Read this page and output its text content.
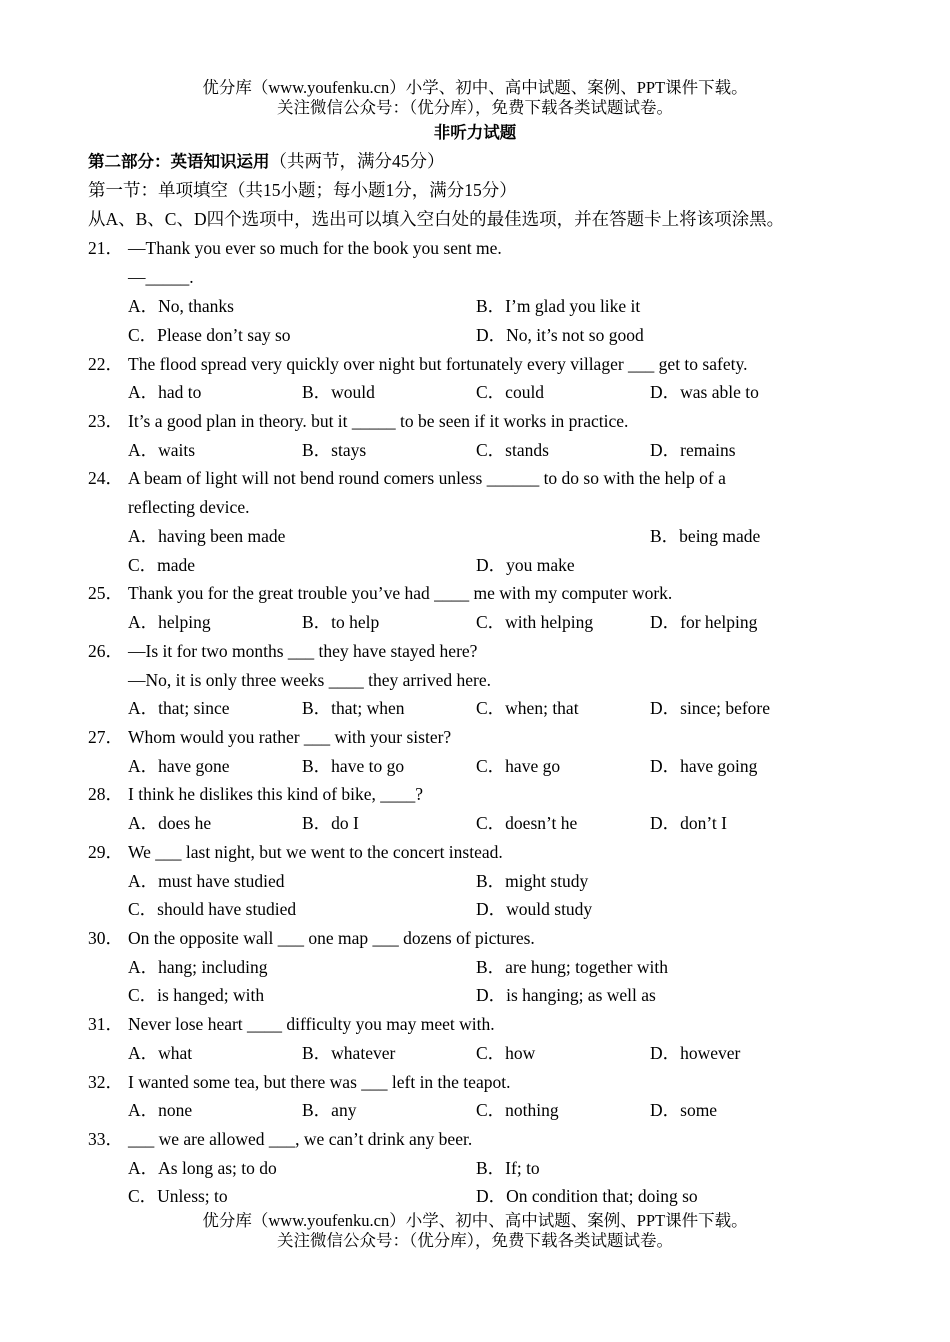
优分库（www.youfenku.cn）小学、初中、高中试题、案例、PPT课件下载。
关注微信公众号：（优分库），免费下载各类试题试卷。
非听力试题
第二部分：英语知识运用（共两节，满分45分）
第一节：单项填空（共15小题；每小题1分，满分15分）
从A、B、C、D四个选项中，选出可以填入空白处的最佳选项，并在答题卡上将该项涂黑。
21． —Thank you ever so much for the book you sent me.
—_____.
A．No, thanks	B．I’m glad you like it
C．Please don’t say so	D．No, it’s not so good
22． The flood spread very quickly over night but fortunately every villager ___ get to safety.
A．had to	B．would	C．could	D．was able to
23． It’s a good plan in theory. but it _____ to be seen if it works in practice.
A．waits	B．stays	C．stands	D．remains
24． A beam of light will not bend round comers unless ______ to do so with the help of a
reflecting device.
A．having been made	B．being made
C．made	D．you make
25． Thank you for the great trouble you’ve had ____ me with my computer work.
A．helping	B．to help	C．with helping	D．for helping
26． —Is it for two months ___ they have stayed here?
—No, it is only three weeks ____ they arrived here.
A．that; since	B．that; when	C．when; that	D．since; before
27． Whom would you rather ___ with your sister?
A．have gone	B．have to go	C．have go	D．have going
28． I think he dislikes this kind of bike, ____?
A．does he	B．do I	C．doesn’t he	D．don’t I
29． We ___ last night, but we went to the concert instead.
A．must have studied	B．might study
C．should have studied	D．would study
30． On the opposite wall ___ one map ___ dozens of pictures.
A．hang; including	B．are hung; together with
C．is hanged; with	D．is hanging; as well as
31． Never lose heart ____ difficulty you may meet with.
A．what	B．whatever	C．how	D．however
32． I wanted some tea, but there was ___ left in the teapot.
A．none	B．any	C．nothing	D．some
33． ___ we are allowed ___, we can’t drink any beer.
A．As long as; to do	B．If; to
C．Unless; to	D．On condition that; doing so
优分库（www.youfenku.cn）小学、初中、高中试题、案例、PPT课件下载。
关注微信公众号：（优分库），免费下载各类试题试卷。
